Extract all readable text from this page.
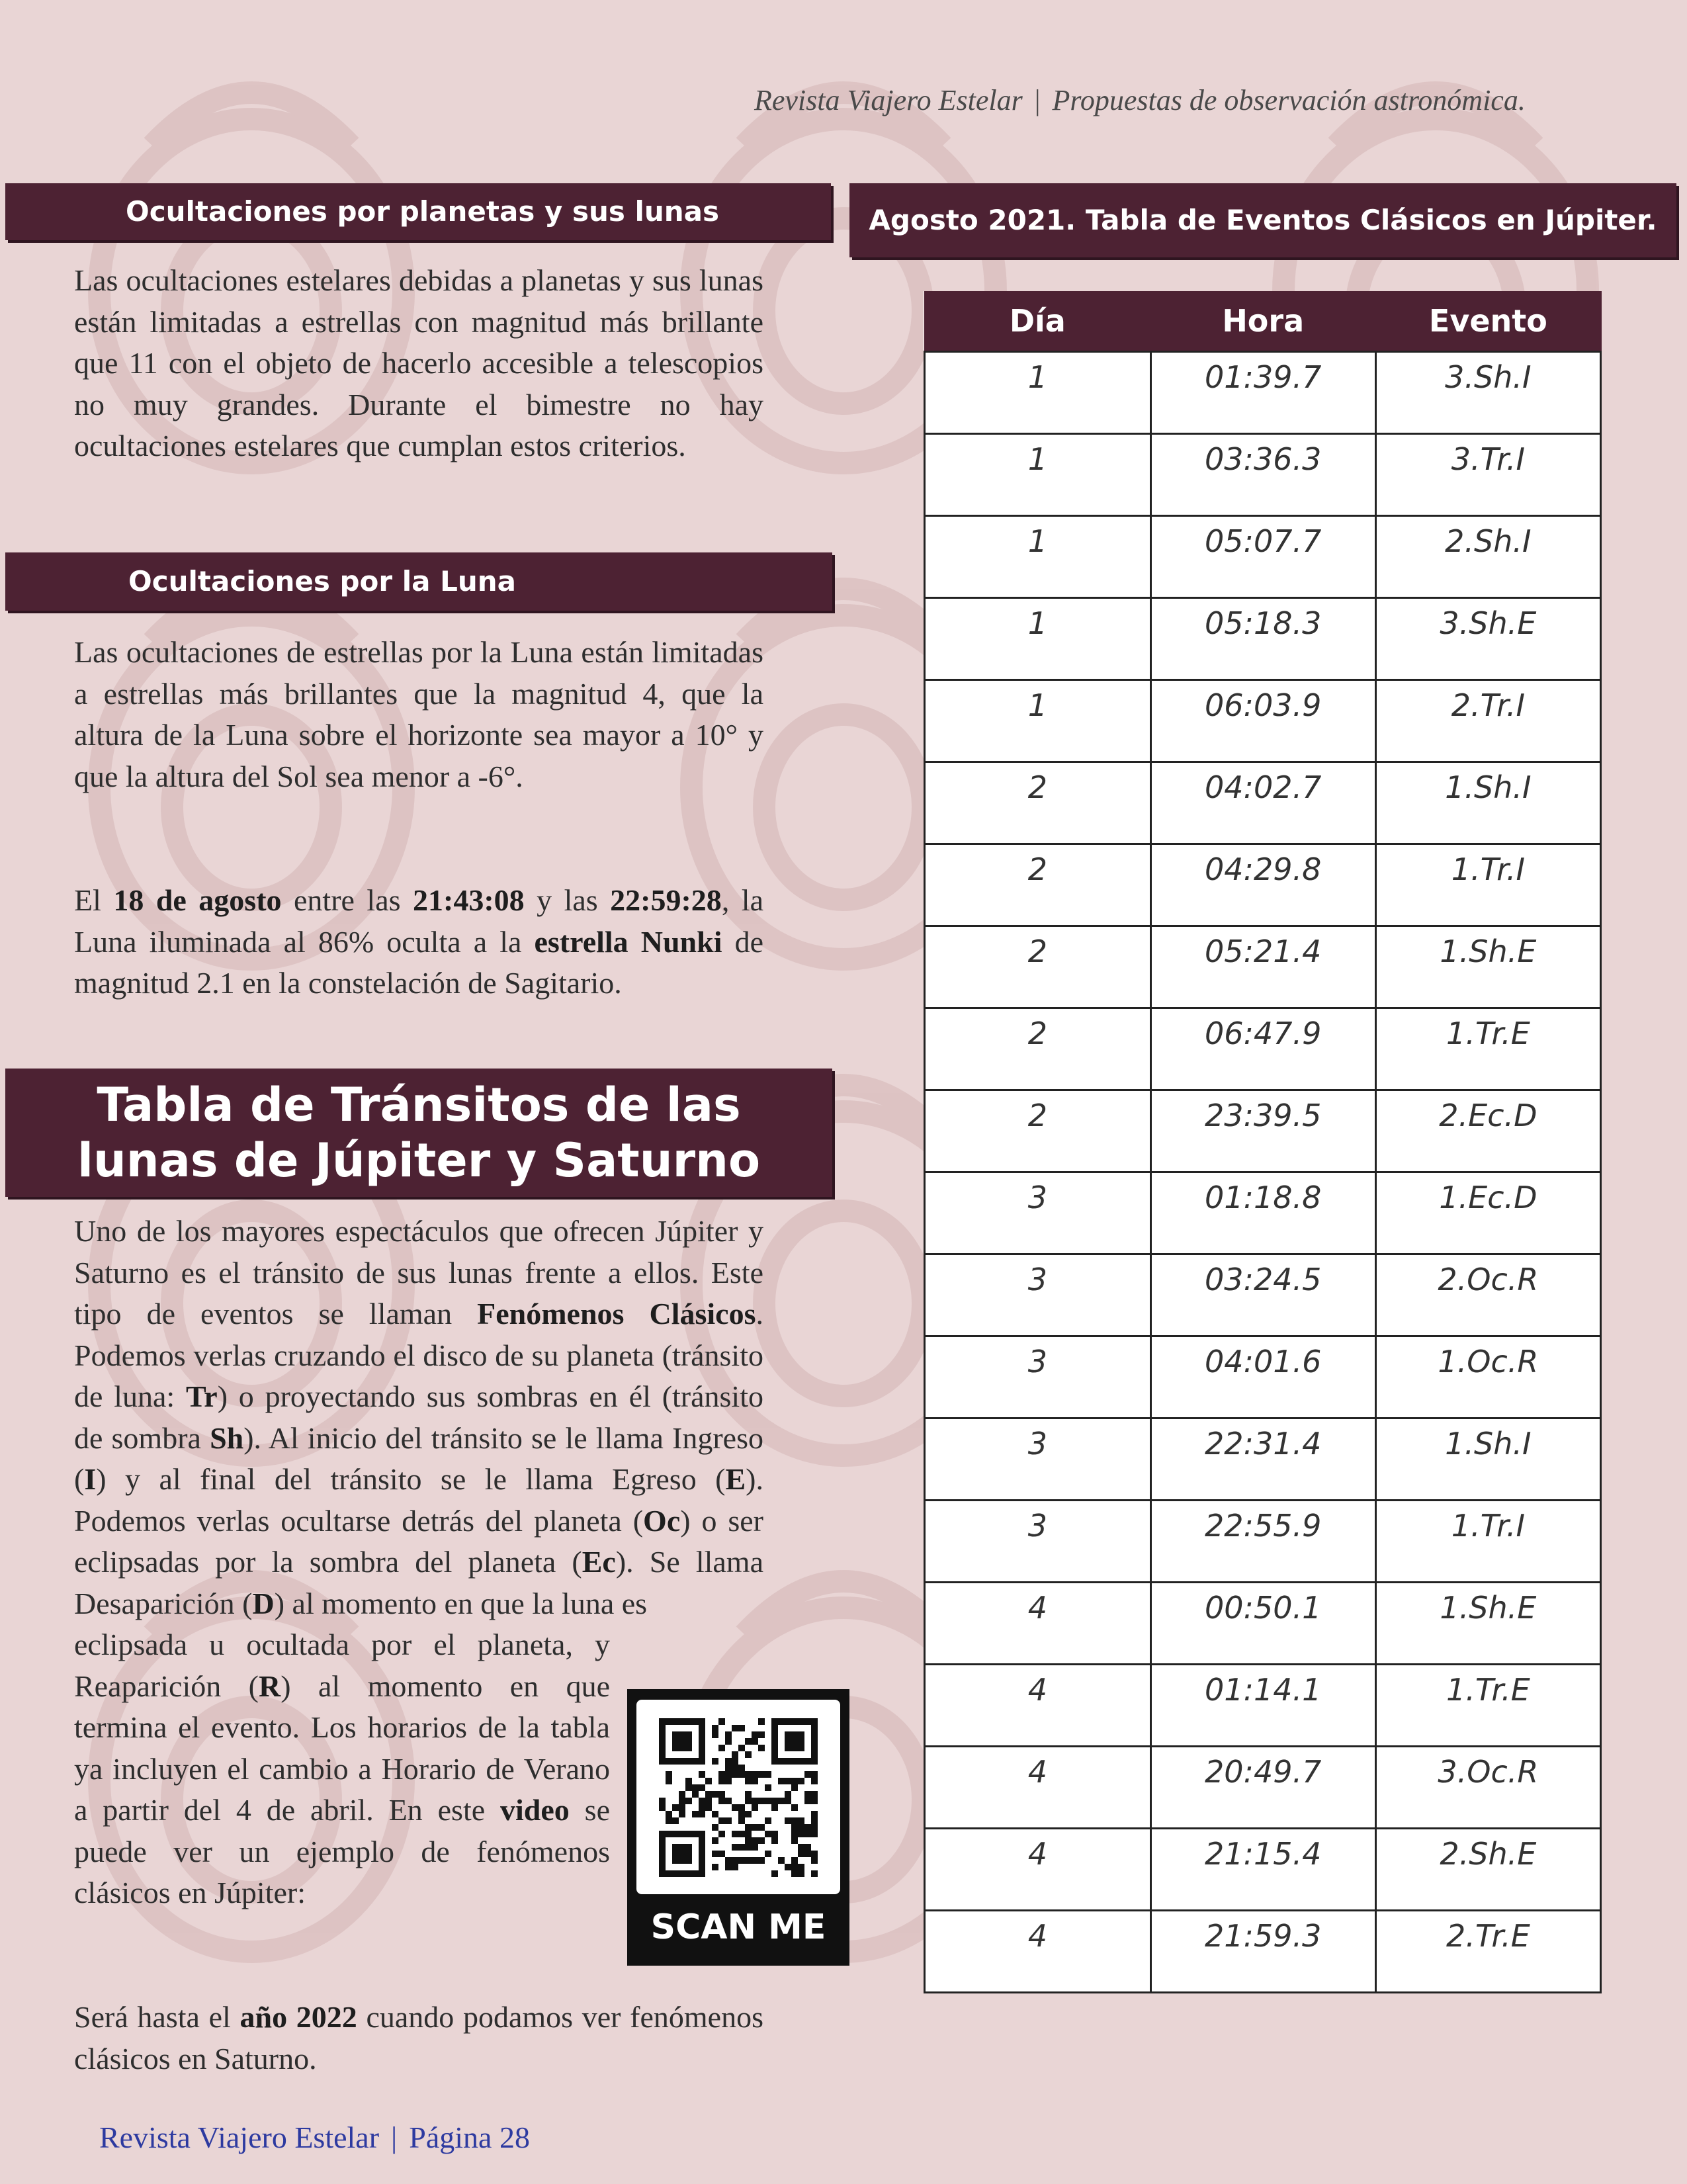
Revista Viajero Estelar | Propuestas de observación astronómica.
Ocultaciones por planetas y sus lunas
Las ocultaciones estelares debidas a planetas y sus lunas están limitadas a estrellas con magnitud más brillante que 11 con el objeto de hacerlo accesible a telescopios no muy grandes. Durante el bimestre no hay ocultaciones estelares que cumplan estos criterios.
Ocultaciones por la Luna
Las ocultaciones de estrellas por la Luna están limitadas a estrellas más brillantes que la magnitud 4, que la altura de la Luna sobre el horizonte sea mayor a 10° y que la altura del Sol sea menor a -6°.
El 18 de agosto entre las 21:43:08 y las 22:59:28, la Luna iluminada al 86% oculta a la estrella Nunki de magnitud 2.1 en la constelación de Sagitario.
Tabla de Tránsitos de las
lunas de Júpiter y Saturno
Uno de los mayores espectáculos que ofrecen Júpiter y Saturno es el tránsito de sus lunas frente a ellos. Este tipo de eventos se llaman Fenómenos Clásicos. Podemos verlas cruzando el disco de su planeta (tránsito de luna: Tr) o proyectando sus sombras en él (tránsito de sombra Sh). Al inicio del tránsito se le llama Ingreso (I) y al final del tránsito se le llama Egreso (E). Podemos verlas ocultarse detrás del planeta (Oc) o ser eclipsadas por la sombra del planeta (Ec). Se llama Desaparición (D) al momento en que la luna es
eclipsada u ocultada por el planeta, y Reaparición (R) al momento en que termina el evento. Los horarios de la tabla ya incluyen el cambio a Horario de Verano a partir del 4 de abril. En este video se puede ver un ejemplo de fenómenos clásicos en Júpiter:
Será hasta el año 2022 cuando podamos ver fenómenos clásicos en Saturno.
SCAN ME
Agosto 2021. Tabla de Eventos Clásicos en Júpiter.
Día	Hora	Evento
1	01:39.7	3.Sh.I
1	03:36.3	3.Tr.I
1	05:07.7	2.Sh.I
1	05:18.3	3.Sh.E
1	06:03.9	2.Tr.I
2	04:02.7	1.Sh.I
2	04:29.8	1.Tr.I
2	05:21.4	1.Sh.E
2	06:47.9	1.Tr.E
2	23:39.5	2.Ec.D
3	01:18.8	1.Ec.D
3	03:24.5	2.Oc.R
3	04:01.6	1.Oc.R
3	22:31.4	1.Sh.I
3	22:55.9	1.Tr.I
4	00:50.1	1.Sh.E
4	01:14.1	1.Tr.E
4	20:49.7	3.Oc.R
4	21:15.4	2.Sh.E
4	21:59.3	2.Tr.E
Revista Viajero Estelar | Página 28
